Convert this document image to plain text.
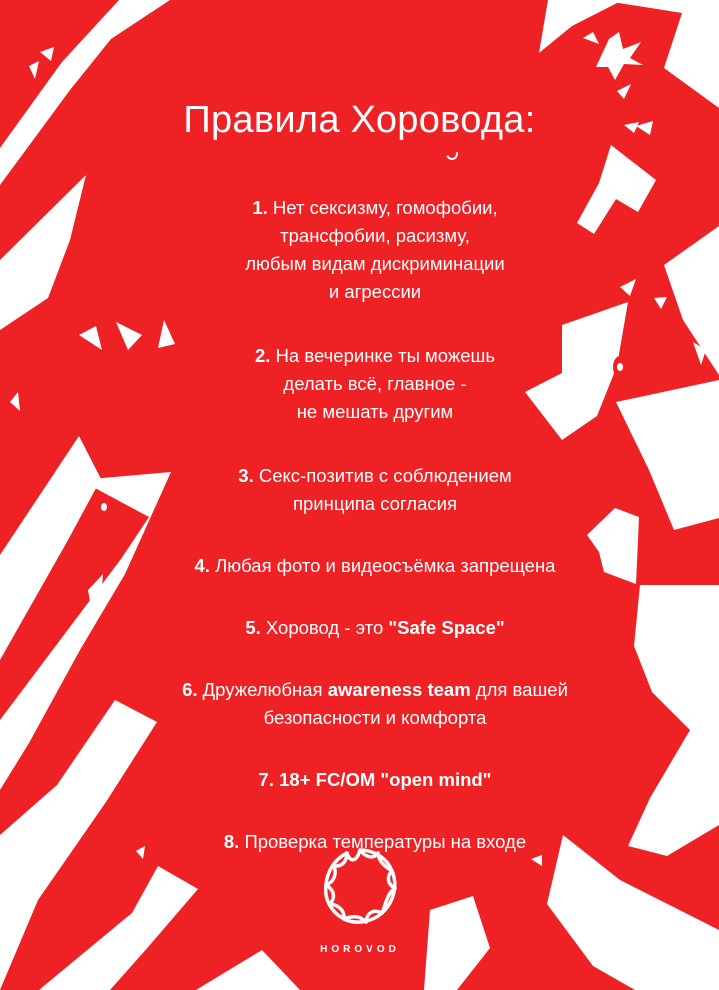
Правила Хоровода:
1. Нет сексизму, гомофобии,
трансфобии, расизму,
любым видам дискриминации
и агрессии
2. На вечеринке ты можешь
делать всё, главное -
не мешать другим
3. Секс-позитив с соблюдением
принципа согласия
4. Любая фото и видеосъёмка запрещена
5. Хоровод - это "Safe Space"
6. Дружелюбная awareness team для вашей
безопасности и комфорта
7. 18+ FC/OM "open mind"
8. Проверка температуры на входе
HOROVOD
